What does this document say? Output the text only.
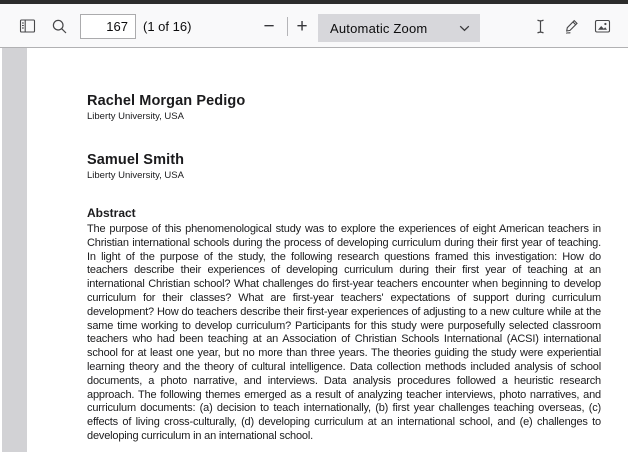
167
(1 of 16)	− + Automatic Zoom
Rachel Morgan Pedigo
Liberty University, USA
Samuel Smith
Liberty University, USA
Abstract

The purpose of this phenomenological study was to explore the experiences of eight American teachers in Christian international schools during the process of developing curriculum during their first year of teaching. In light of the purpose of the study, the following research questions framed this investigation: How do teachers describe their experiences of developing curriculum during their first year of teaching at an international Christian school? What challenges do first-year teachers encounter when beginning to develop curriculum for their classes? What are first-year teachers' expectations of support during curriculum development? How do teachers describe their first-year experiences of adjusting to a new culture while at the same time working to develop curriculum? Participants for this study were purposefully selected classroom teachers who had been teaching at an Association of Christian Schools International (ACSI) international school for at least one year, but no more than three years. The theories guiding the study were experiential learning theory and the theory of cultural intelligence. Data collection methods included analysis of school documents, a photo narrative, and interviews. Data analysis procedures followed a heuristic research approach. The following themes emerged as a result of analyzing teacher interviews, photo narratives, and curriculum documents: (a) decision to teach internationally, (b) first year challenges teaching overseas, (c) effects of living cross-culturally, (d) developing curriculum at an international school, and (e) challenges to developing curriculum in an international school.
